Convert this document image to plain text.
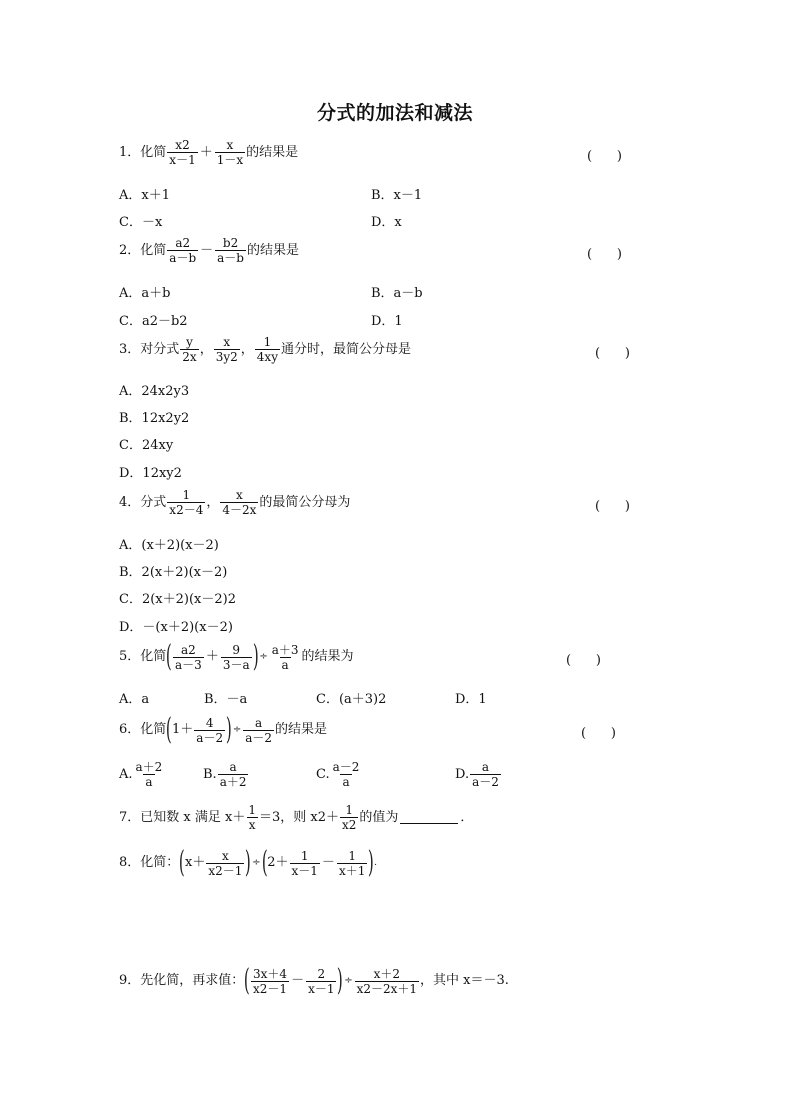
分式的加法和减法
1． 化简 $\frac{x2}{x-1} + \frac{x}{1-x}$ 的结果是	(      )
A．x＋1	B．x－1
C．－x	D．x
2． 化简 $\frac{a2}{a-b} - \frac{b2}{a-b}$ 的结果是	(      )
A．a＋b	B．a－b
C．a2－b2	D．1
3． 对分式 $\frac{y}{2x}$ ， $\frac{x}{3y2}$ ， $\frac{1}{4xy}$ 通分时，最简公分母是	(      )
A．24x2y3
B．12x2y2
C．24xy
D．12xy2
4． 分式 $\frac{1}{x2-4}$ ， $\frac{x}{4-2x}$ 的最简公分母为	(      )
A．(x＋2)(x－2)
B．2(x＋2)(x－2)
C．2(x＋2)(x－2)2
D．－(x＋2)(x－2)
5． 化简 ( $\frac{a2}{a-3} + \frac{9}{3-a}$ ) ÷ $\frac{a+3}{a}$ 的结果为	(      )
A．a	B．－a	C．(a＋3)2	D．1
6． 化简 ( $1+ \frac{4}{a-2}$ ) ÷ $\frac{a}{a-2}$ 的结果是	(      )
A. $\frac{a+2}{a}$	B. $\frac{a}{a+2}$	C. $\frac{a-2}{a}$	D. $\frac{a}{a-2}$
7． 已知数 x 满足 $x+ \frac{1}{x} =3$，则 $x2+ \frac{1}{x2}$ 的值为	．
8． 化简： ( $x+ \frac{x}{x2-1}$ ) ÷ ( $2+ \frac{1}{x-1} - \frac{1}{x+1}$ ) .
9． 先化简，再求值： ( $\frac{3x+4}{x2-1} - \frac{2}{x-1}$ ) ÷ $\frac{x+2}{x2-2x+1}$ ，其中 x＝－3.
